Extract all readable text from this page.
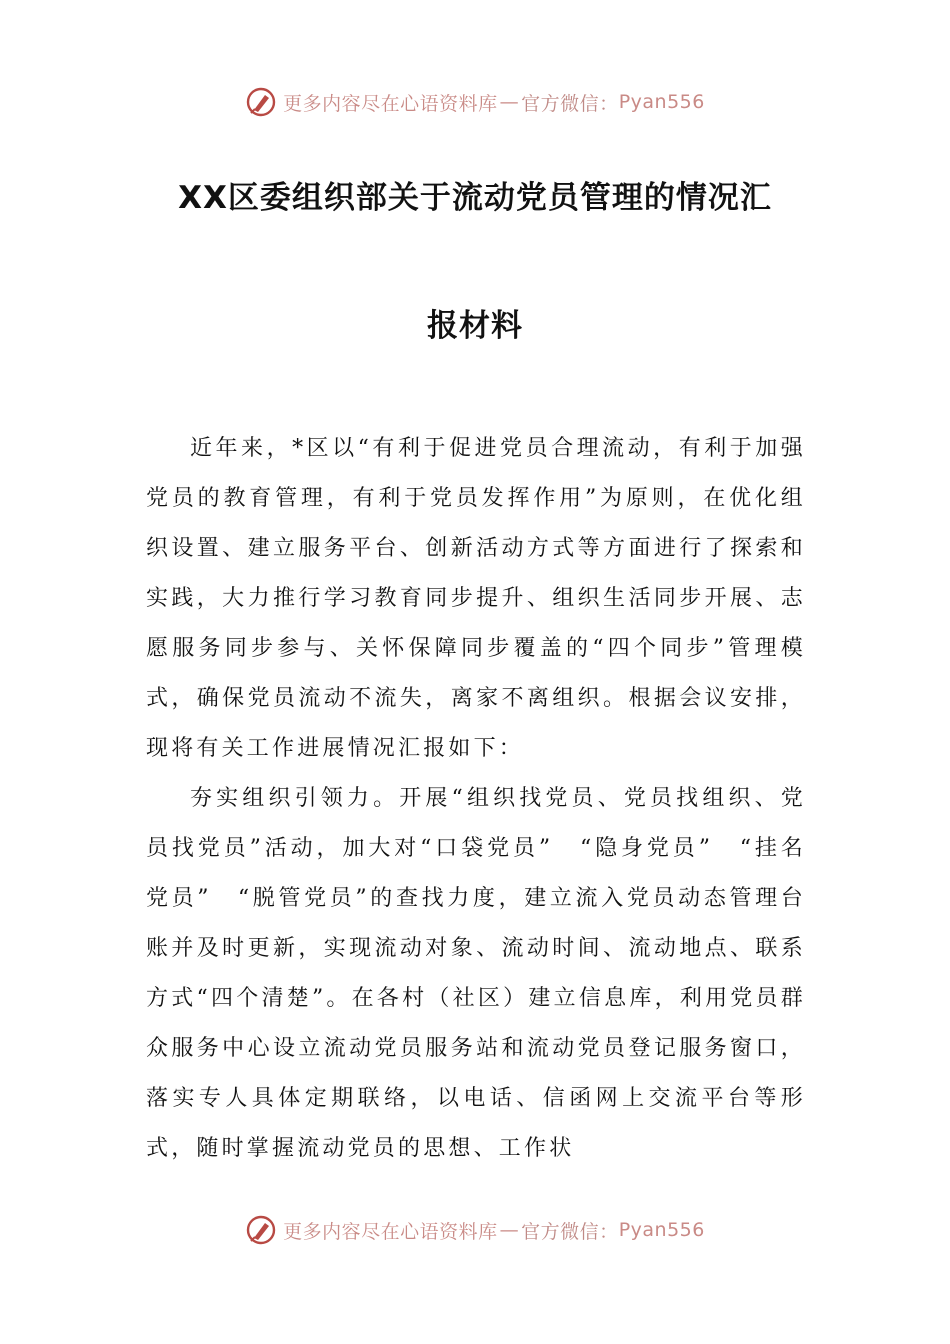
更多内容尽在心语资料库 — 官方微信： Pyan556
XX区委组织部关于流动党员管理的情况汇
报材料

近年来，*区以“有利于促进党员合理流动，有利于加强党员的教育管理，有利于党员发挥作用”为原则，在优化组织设置、建立服务平台、创新活动方式等方面进行了探索和实践，大力推行学习教育同步提升、组织生活同步开展、志愿服务同步参与、关怀保障同步覆盖的“四个同步”管理模式，确保党员流动不流失，离家不离组织。根据会议安排，现将有关工作进展情况汇报如下：

夯实组织引领力。开展“组织找党员、党员找组织、党员找党员”活动，加大对“口袋党员”　“隐身党员”　“挂名党员”　“脱管党员”的查找力度，建立流入党员动态管理台账并及时更新，实现流动对象、流动时间、流动地点、联系方式“四个清楚”。在各村（社区）建立信息库，利用党员群众服务中心设立流动党员服务站和流动党员登记服务窗口，落实专人具体定期联络，以电话、信函网上交流平台等形式，随时掌握流动党员的思想、工作状

更多内容尽在心语资料库 — 官方微信： Pyan556
